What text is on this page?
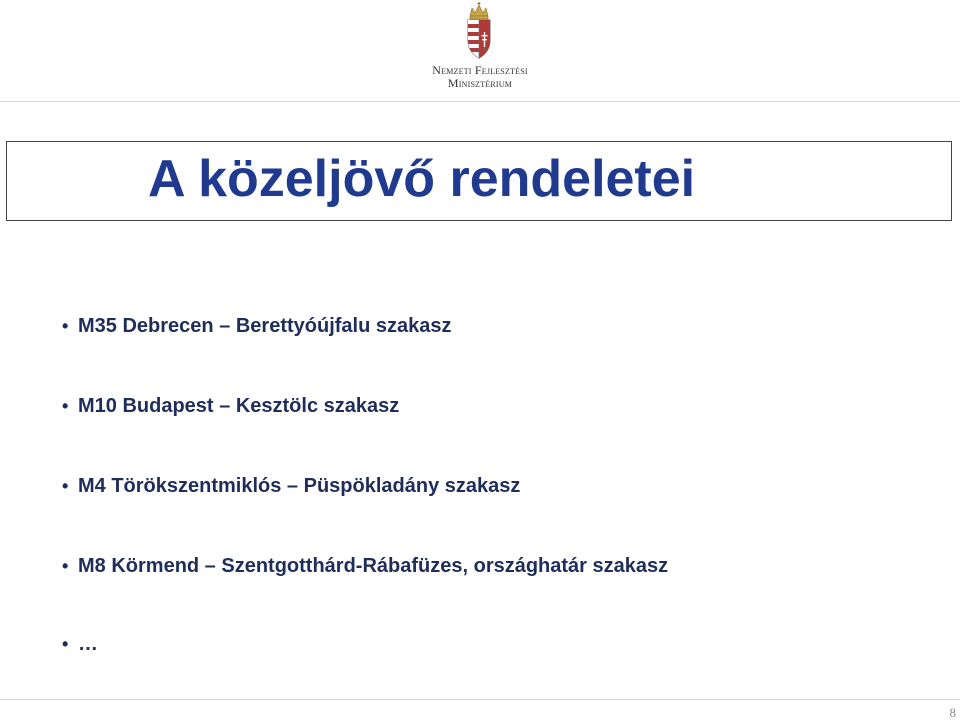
Nemzeti Fejlesztési
Minisztérium
A közeljövő rendeletei
• M35 Debrecen – Berettyóújfalu szakasz
• M10 Budapest – Kesztölc szakasz
• M4 Törökszentmiklós – Püspökladány szakasz
• M8 Körmend – Szentgotthárd-Rábafüzes, országhatár szakasz
• …
8
